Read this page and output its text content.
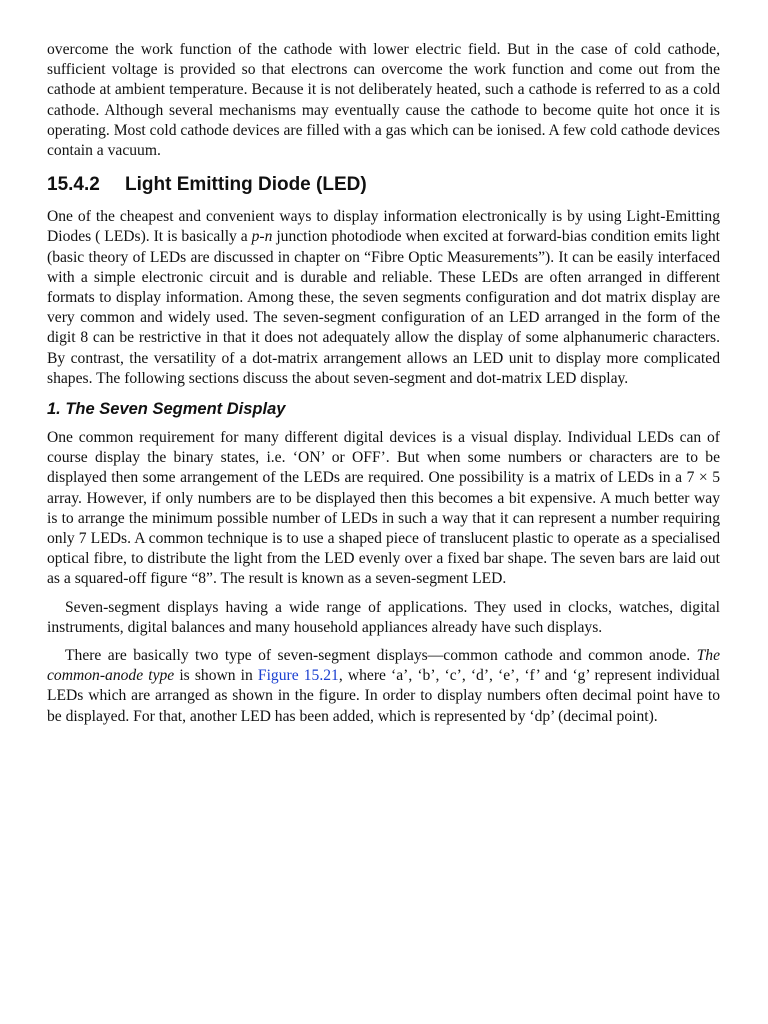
overcome the work function of the cathode with lower electric field. But in the case of cold cathode, sufficient voltage is provided so that electrons can overcome the work function and come out from the cathode at ambient temperature. Because it is not deliberately heated, such a cathode is referred to as a cold cathode. Although several mechanisms may eventually cause the cathode to become quite hot once it is operating. Most cold cathode devices are filled with a gas which can be ionised. A few cold cathode devices contain a vacuum.

15.4.2 Light Emitting Diode (LED)

One of the cheapest and convenient ways to display information electronically is by using Light-Emitting Diodes ( LEDs). It is basically a p-n junction photodiode when excited at forward-bias condition emits light (basic theory of LEDs are discussed in chapter on “Fibre Optic Measurements”). It can be easily interfaced with a simple electronic circuit and is durable and reliable. These LEDs are often arranged in different formats to display information. Among these, the seven segments configuration and dot matrix display are very common and widely used. The seven-segment configuration of an LED arranged in the form of the digit 8 can be restrictive in that it does not adequately allow the display of some alphanumeric characters. By contrast, the versatility of a dot-matrix arrangement allows an LED unit to display more complicated shapes. The following sections discuss the about seven-segment and dot-matrix LED display.

1. The Seven Segment Display

One common requirement for many different digital devices is a visual display. Individual LEDs can of course display the binary states, i.e. ‘ON’ or OFF’. But when some numbers or characters are to be displayed then some arrangement of the LEDs are required. One possibility is a matrix of LEDs in a 7 × 5 array. However, if only numbers are to be displayed then this becomes a bit expensive. A much better way is to arrange the minimum possible number of LEDs in such a way that it can represent a number requiring only 7 LEDs. A common technique is to use a shaped piece of translucent plastic to operate as a specialised optical fibre, to distribute the light from the LED evenly over a fixed bar shape. The seven bars are laid out as a squared-off figure “8”. The result is known as a seven-segment LED.

Seven-segment displays having a wide range of applications. They used in clocks, watches, digital instruments, digital balances and many household appliances already have such displays.

There are basically two type of seven-segment displays—common cathode and common anode. The common-anode type is shown in Figure 15.21, where ‘a’, ‘b’, ‘c’, ‘d’, ‘e’, ‘f’ and ‘g’ represent individual LEDs which are arranged as shown in the figure. In order to display numbers often decimal point have to be displayed. For that, another LED has been added, which is represented by ‘dp’ (decimal point).
